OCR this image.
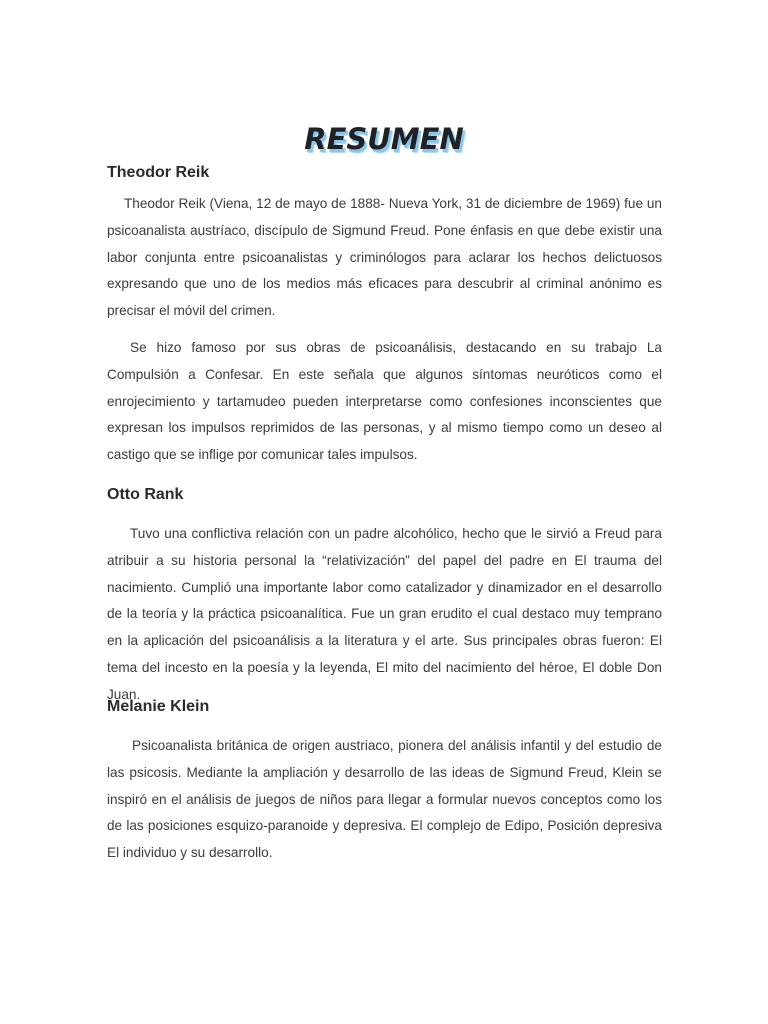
RESUMEN
Theodor Reik

Theodor Reik (Viena, 12 de mayo de 1888- Nueva York, 31 de diciembre de 1969) fue un psicoanalista austríaco, discípulo de Sigmund Freud. Pone énfasis en que debe existir una labor conjunta entre psicoanalistas y criminólogos para aclarar los hechos delictuosos expresando que uno de los medios más eficaces para descubrir al criminal anónimo es precisar el móvil del crimen.

Se hizo famoso por sus obras de psicoanálisis, destacando en su trabajo La Compulsión a Confesar. En este señala que algunos síntomas neuróticos como el enrojecimiento y tartamudeo pueden interpretarse como confesiones inconscientes que expresan los impulsos reprimidos de las personas, y al mismo tiempo como un deseo al castigo que se inflige por comunicar tales impulsos.

Otto Rank

Tuvo una conflictiva relación con un padre alcohólico, hecho que le sirvió a Freud para atribuir a su historia personal la “relativización” del papel del padre en El trauma del nacimiento. Cumplió una importante labor como catalizador y dinamizador en el desarrollo de la teoría y la práctica psicoanalítica. Fue un gran erudito el cual destaco muy temprano en la aplicación del psicoanálisis a la literatura y el arte. Sus principales obras fueron: El tema del incesto en la poesía y la leyenda, El mito del nacimiento del héroe, El doble Don Juan.

Melanie Klein

Psicoanalista británica de origen austriaco, pionera del análisis infantil y del estudio de las psicosis. Mediante la ampliación y desarrollo de las ideas de Sigmund Freud, Klein se inspiró en el análisis de juegos de niños para llegar a formular nuevos conceptos como los de las posiciones esquizo-paranoide y depresiva. El complejo de Edipo, Posición depresiva El individuo y su desarrollo.
